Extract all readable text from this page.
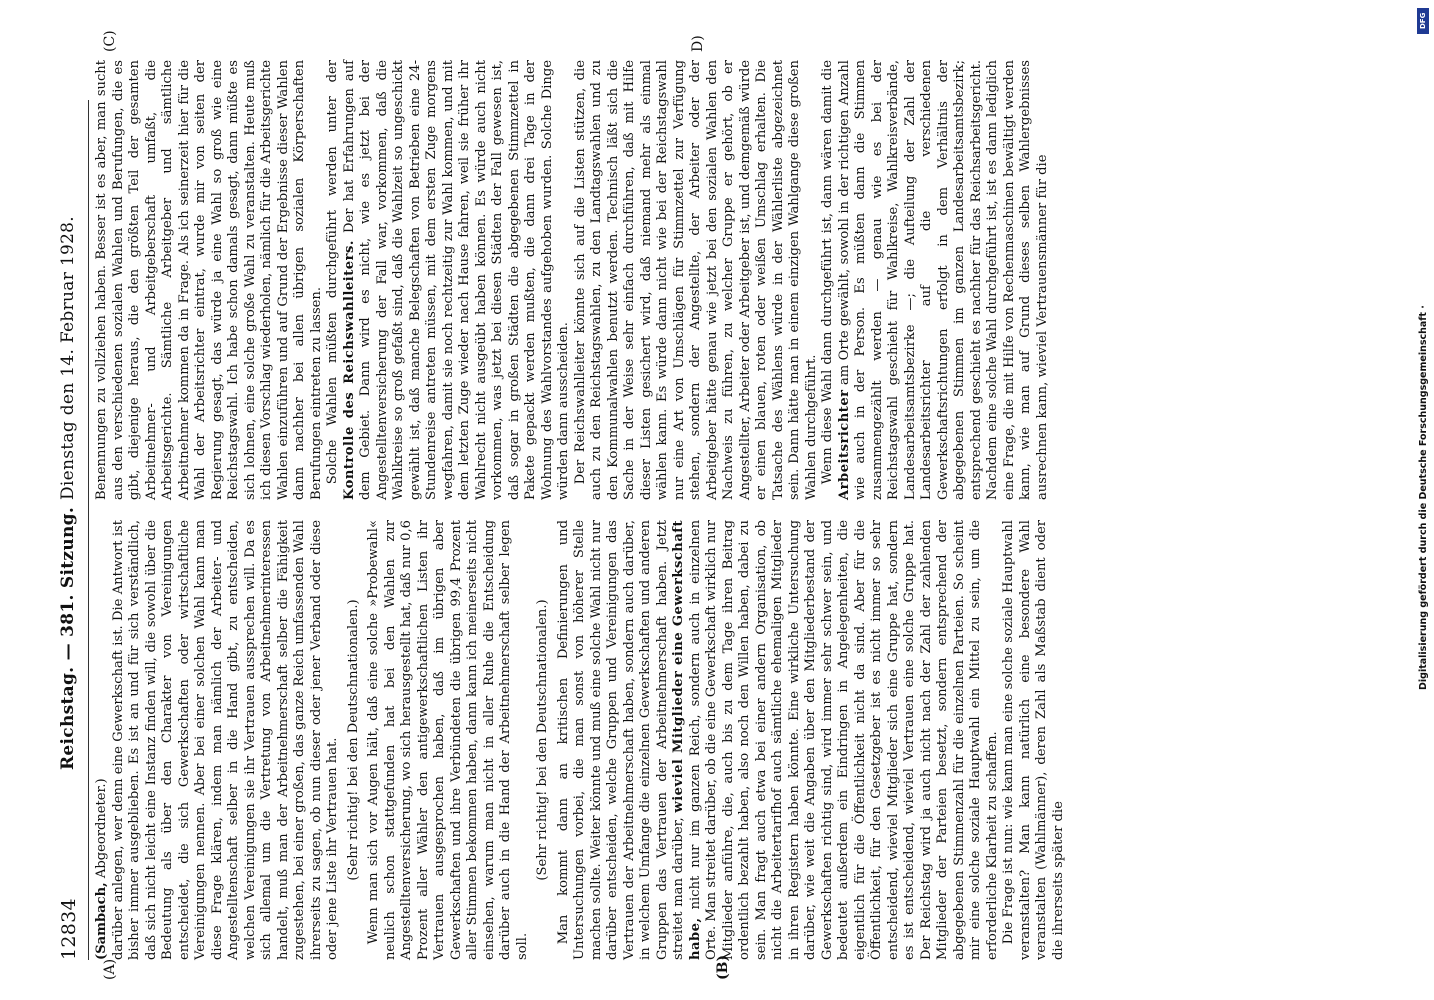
12834
Reichstag. — 381. Sitzung.
Dienstag den 14. Februar 1928.
(A)	(B)
(C)	D)

(Sambach, Abgeordneter.) darüber anlegen, wer denn eine Gewerkschaft ist. Die Antwort ist bisher immer ausgeblieben. Es ist an und für sich verständlich, daß sich nicht leicht eine Instanz finden will, die sowohl über die Bedeutung als über den Charakter von Vereinigungen entscheidet, die sich Gewerkschaften oder wirtschaftliche Vereinigungen nennen. Aber bei einer solchen Wahl kann man diese Frage klären, indem man nämlich der Arbeiter- und Angestelltenschaft selber in die Hand gibt, zu entscheiden, welchen Vereinigungen sie ihr Vertrauen aussprechen will. Da es sich allemal um die Vertretung von Arbeitnehmerinteressen handelt, muß man der Arbeitnehmerschaft selber die Fähigkeit zugestehen, bei einer großen, das ganze Reich umfassenden Wahl ihrerseits zu sagen, ob nun dieser oder jener Verband oder diese oder jene Liste ihr Vertrauen hat. (Sehr richtig! bei den Deutschnationalen.) Wenn man sich vor Augen hält, daß eine solche »Probewahl« neulich schon stattgefunden hat bei den Wahlen zur Angestelltenversicherung, wo sich herausgestellt hat, daß nur 0,6 Prozent aller Wähler den antigewerkschaftlichen Listen ihr Vertrauen ausgesprochen haben, daß im übrigen aber Gewerkschaften und ihre Verbündeten die übrigen 99,4 Prozent aller Stimmen bekommen haben, dann kann ich meinerseits nicht einsehen, warum man nicht in aller Ruhe die Entscheidung darüber auch in die Hand der Arbeitnehmerschaft selber legen soll.

(Sehr richtig! bei den Deutschnationalen.) Man kommt dann an kritischen Definierungen und Untersuchungen vorbei, die man sonst von höherer Stelle machen sollte. Weiter könnte und muß eine solche Wahl nicht nur darüber entscheiden, welche Gruppen und Vereinigungen das Vertrauen der Arbeitnehmerschaft haben, sondern auch darüber, in welchem Umfange die einzelnen Gewerkschaften und anderen Gruppen das Vertrauen der Arbeitnehmerschaft haben. Jetzt streitet man darüber, wieviel Mitglieder eine Gewerkschaft habe, nicht nur im ganzen Reich, sondern auch in einzelnen Orte. Man streitet darüber, ob die eine Gewerkschaft wirklich nur Mitglieder anführe, die, auch bis zu dem Tage ihren Beitrag ordentlich bezahlt haben, also noch den Willen haben, dabei zu sein. Man fragt auch etwa bei einer andern Organisation, ob nicht die Arbeitertarifhof auch sämtliche ehemaligen Mitglieder in ihren Registern haben könnte. Eine wirkliche Untersuchung darüber, wie weit die Angaben über den Mitgliederbestand der Gewerkschaften richtig sind, wird immer sehr schwer sein, und bedeutet außerdem ein Eindringen in Angelegenheiten, die eigentlich für die Öffentlichkeit nicht da sind. Aber für die Öffentlichkeit, für den Gesetzgeber ist es nicht immer so sehr entscheidend, wieviel Mitglieder sich eine Gruppe hat, sondern es ist entscheidend, wieviel Vertrauen eine solche Gruppe hat. Der Reichstag wird ja auch nicht nach der Zahl der zahlenden Mitglieder der Parteien besetzt, sondern entsprechend der abgegebenen Stimmenzahl für die einzelnen Parteien. So scheint mir eine solche soziale Hauptwahl ein Mittel zu sein, um die erforderliche Klarheit zu schaffen. Die Frage ist nun: wie kann man eine solche soziale Hauptwahl veranstalten? Man kann natürlich eine besondere Wahl veranstalten (Wahlmänner), deren Zahl als Maßstab dient oder die ihrerseits später die

Benennungen zu vollziehen haben. Besser ist es aber, man sucht aus den verschiedenen sozialen Wahlen und Berufungen, die es gibt, diejenige heraus, die den größten Teil der gesamten Arbeitnehmer- und Arbeitgeberschaft umfaßt, die Arbeitsgerichte. Sämtliche Arbeitgeber und sämtliche Arbeitnehmer kommen da in Frage. Als ich seinerzeit hier für die Wahl der Arbeitsrichter eintrat, wurde mir von seiten der Regierung gesagt, das würde ja eine Wahl so groß wie eine Reichstagswahl. Ich habe schon damals gesagt, dann müßte es sich lohnen, eine solche große Wahl zu veranstalten. Heute muß ich diesen Vorschlag wiederholen, nämlich für die Arbeitsgerichte Wahlen einzuführen und auf Grund der Ergebnisse dieser Wahlen dann nachher bei allen übrigen sozialen Körperschaften Berufungen eintreten zu lassen. Solche Wahlen müßten durchgeführt werden unter der Kontrolle des Reichswahlleiters. Der hat Erfahrungen auf dem Gebiet. Dann wird es nicht, wie es jetzt bei der Angestelltenversicherung der Fall war, vorkommen, daß die Wahlkreise so groß gefaßt sind, daß die Wahlzeit so ungeschickt gewählt ist, daß manche Belegschaften von Betrieben eine 24-Stundenreise antreten müssen, mit dem ersten Zuge morgens wegfahren, damit sie noch rechtzeitig zur Wahl kommen, und mit dem letzten Zuge wieder nach Hause fahren, weil sie früher ihr Wahlrecht nicht ausgeübt haben können. Es würde auch nicht vorkommen, was jetzt bei diesen Städten der Fall gewesen ist, daß sogar in großen Städten die abgegebenen Stimmzettel in Pakete gepackt werden mußten, die dann drei Tage in der Wohnung des Wahlvorstandes aufgehoben wurden. Solche Dinge würden dann ausscheiden. Der Reichswahlleiter könnte sich auf die Listen stützen, die auch zu den Reichstagswahlen, zu den Landtagswahlen und zu den Kommunalwahlen benutzt werden. Technisch läßt sich die Sache in der Weise sehr einfach durchführen, daß mit Hilfe dieser Listen gesichert wird, daß niemand mehr als einmal wählen kann. Es würde dann nicht wie bei der Reichstagswahl nur eine Art von Umschlägen für Stimmzettel zur Verfügung stehen, sondern der Angestellte, der Arbeiter oder der Arbeitgeber hätte genau wie jetzt bei den sozialen Wahlen den Nachweis zu führen, zu welcher Gruppe er gehört, ob er Angestellter, Arbeiter oder Arbeitgeber ist, und demgemäß würde er einen blauen, roten oder weißen Umschlag erhalten. Die Tatsache des Wählens würde in der Wählerliste abgezeichnet sein. Dann hätte man in einem einzigen Wahlgange diese großen Wahlen durchgeführt. Wenn diese Wahl dann durchgeführt ist, dann wären damit die Arbeitsrichter am Orte gewählt, sowohl in der richtigen Anzahl wie auch in der Person. Es müßten dann die Stimmen zusammengezählt werden — genau wie es bei der Reichstagswahl geschieht für Wahlkreise, Wahlkreisverbände, Landesarbeitsamtsbezirke —; die Aufteilung der Zahl der Landesarbeitsrichter auf die verschiedenen Gewerkschaftsrichtungen erfolgt in dem Verhältnis der abgegebenen Stimmen im ganzen Landesarbeitsamtsbezirk; entsprechend geschieht es nachher für das Reichsarbeitsgericht. Nachdem eine solche Wahl durchgeführt ist, ist es dann lediglich eine Frage, die mit Hilfe von Rechenmaschinen bewältigt werden kann, wie man auf Grund dieses selben Wahlergebnisses ausrechnen kann, wieviel Vertrauensmänner für die

DFG
Digitalisierung gefördert durch die Deutsche Forschungsgemeinschaft ·
